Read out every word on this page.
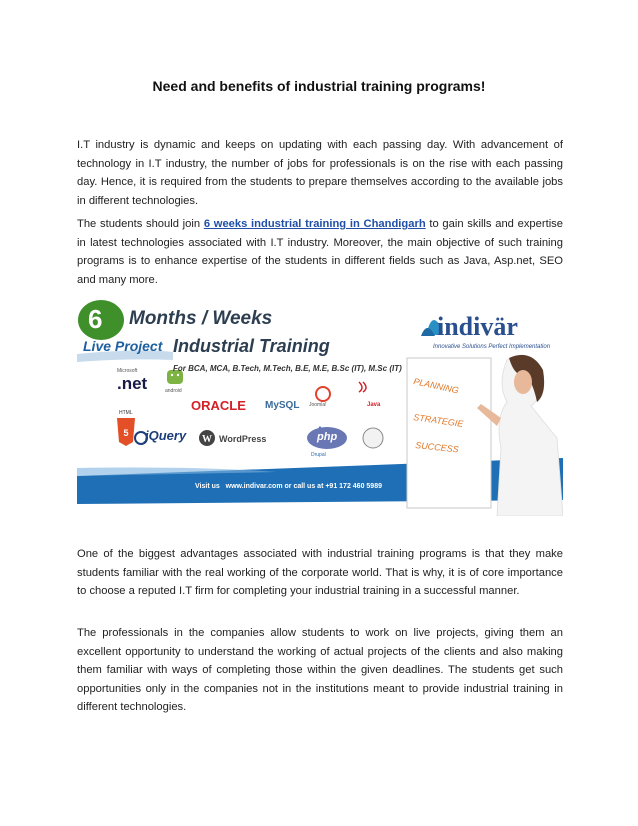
Need and benefits of industrial training programs!

I.T industry is dynamic and keeps on updating with each passing day. With advancement of technology in I.T industry, the number of jobs for professionals is on the rise with each passing day. Hence, it is required from the students to prepare themselves according to the available jobs in different technologies.

The students should join 6 weeks industrial training in Chandigarh to gain skills and expertise in latest technologies associated with I.T industry. Moreover, the main objective of such training programs is to enhance expertise of the students in different fields such as Java, Asp.net, SEO and many more.

5
W
PLANNING
STRATEGIE
SUCCESS
6 Months / Weeks
Live Project Industrial Training
For BCA, MCA, B.Tech, M.Tech, B.E, M.E, B.Sc (IT), M.Sc (IT)
indivär
Innovative Solutions Perfect Implementation
Visit us www.indivar.com or call us at +91 172 460 5989
Microsoft
.net	android
ORACLE MySQL Joomla!	Java
jQuery	WordPress
Drupal
php
HTML

One of the biggest advantages associated with industrial training programs is that they make students familiar with the real working of the corporate world. That is why, it is of core importance to choose a reputed I.T firm for completing your industrial training in a successful manner.

The professionals in the companies allow students to work on live projects, giving them an excellent opportunity to understand the working of actual projects of the clients and also making them familiar with ways of completing those within the given deadlines. The students get such opportunities only in the companies not in the institutions meant to provide industrial training in different technologies.
